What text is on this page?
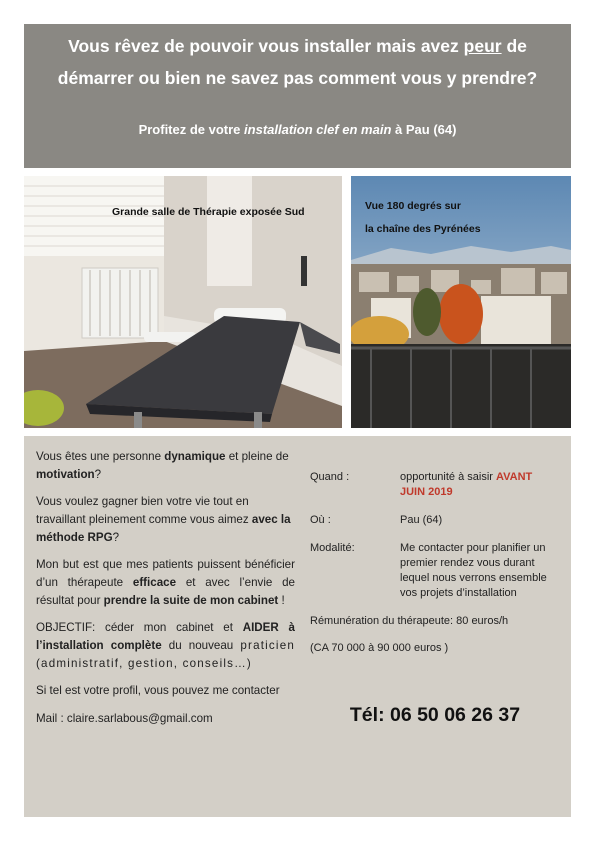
Vous rêvez de pouvoir vous installer mais avez peur de
démarrer ou bien ne savez pas comment vous y prendre?
Profitez de votre installation clef en main à Pau (64)
Grande salle de Thérapie exposée Sud	Vue 180 degrés sur
la chaîne des Pyrénées

Vous êtes une personne dynamique et pleine de motivation?

Vous voulez gagner bien votre vie tout en travaillant pleinement comme vous aimez avec la méthode RPG?

Mon but est que mes patients puissent bénéficier d’un thérapeute efficace et avec l’envie de résultat pour prendre la suite de mon cabinet !

OBJECTIF: céder mon cabinet et AIDER à l’installation complète du nouveau praticien (administratif, gestion, conseils…)

Si tel est votre profil, vous pouvez me contacter

Mail : claire.sarlabous@gmail.com

Quand :	opportunité à saisir AVANT JUIN 2019
Où :	Pau (64)
Modalité:	Me contacter pour planifier un premier rendez vous durant lequel nous verrons ensemble vos projets d’installation
Rémunération du thérapeute: 80 euros/h
(CA 70 000 à 90 000 euros )
Tél: 06 50 06 26 37
